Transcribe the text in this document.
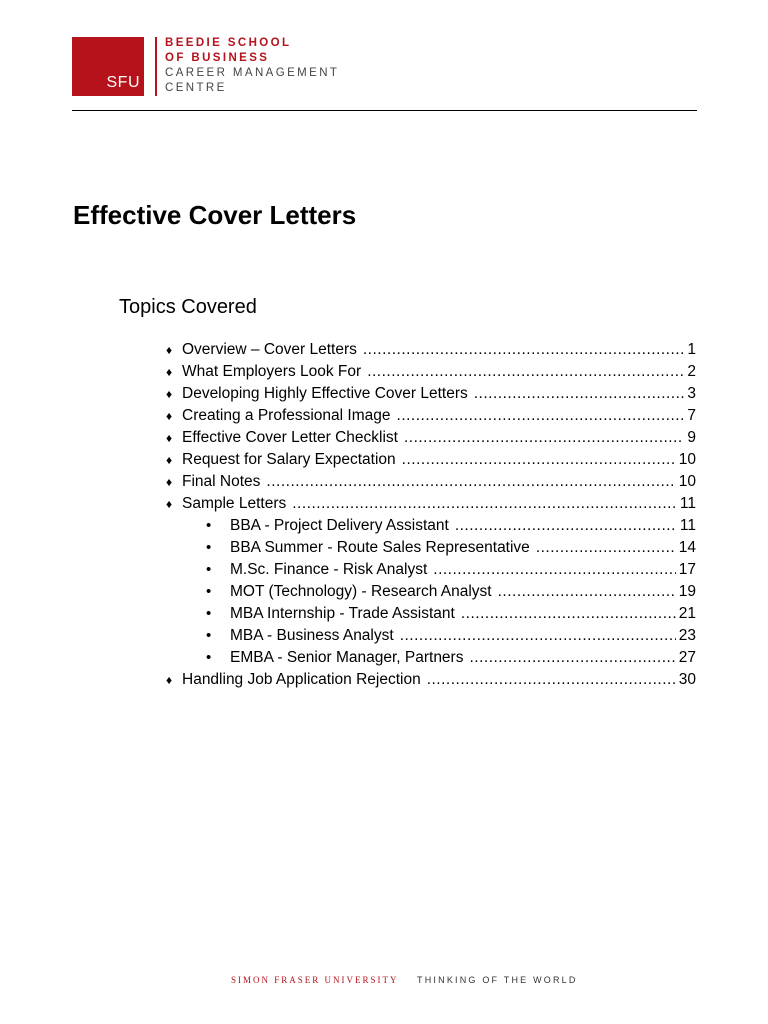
SFU
BEEDIE SCHOOL
OF BUSINESS
CAREER MANAGEMENT
CENTRE
Effective Cover Letters
Topics Covered
♦ Overview – Cover Letters .....	1
♦ What Employers Look For .....	2
♦ Developing Highly Effective Cover Letters .....	3
♦ Creating a Professional Image .....	7
♦ Effective Cover Letter Checklist .....	9
♦ Request for Salary Expectation .....	10
♦ Final Notes .....	10
♦ Sample Letters .....	11
•	BBA - Project Delivery Assistant .....	11
•	BBA Summer - Route Sales Representative .....	14
•	M.Sc. Finance - Risk Analyst .....	17
•	MOT (Technology) - Research Analyst .....	19
•	MBA Internship - Trade Assistant .....	21
•	MBA - Business Analyst .....	23
•	EMBA - Senior Manager, Partners .....	27
♦ Handling Job Application Rejection .....	30
SIMON FRASER UNIVERSITY THINKING OF THE WORLD
